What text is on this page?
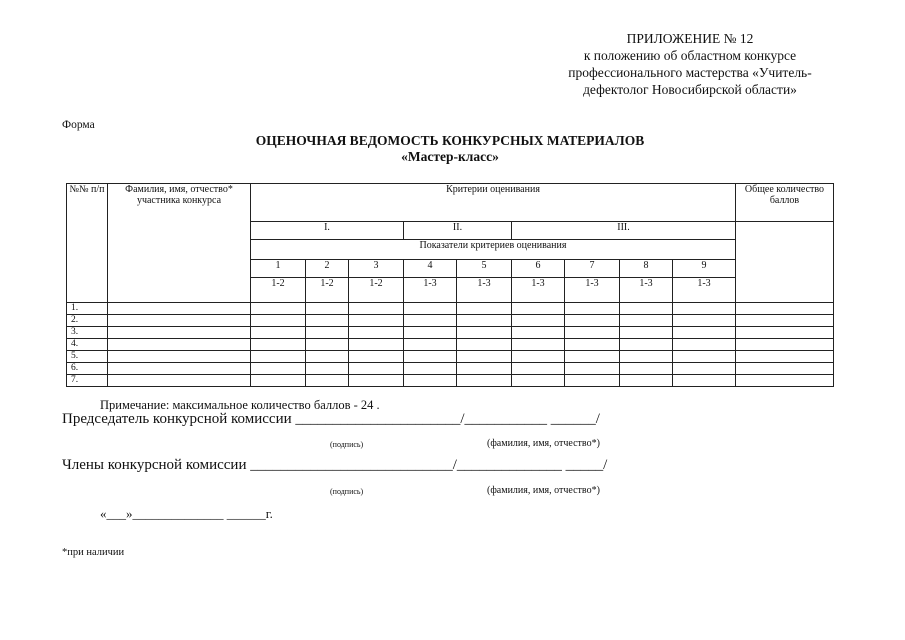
ПРИЛОЖЕНИЕ № 12
к положению об областном конкурсе
профессионального мастерства «Учитель-
дефектолог Новосибирской области»
Форма
ОЦЕНОЧНАЯ ВЕДОМОСТЬ КОНКУРСНЫХ МАТЕРИАЛОВ
«Мастер-класс»
№№ п/п	Фамилия, имя, отчество* участника конкурса	Критерии оценивания									Общее количество баллов
		I.			II.		III.				
		Показатели критериев оценивания									
		1	2	3	4	5	6	7	8	9	
		1-2	1-2	1-2	1-3	1-3	1-3	1-3	1-3	1-3	
1.											
2.											
3.											
4.											
5.											
6.											
7.											
Примечание: максимальное количество баллов - 24 .
Председатель конкурсной комиссии ______________________/___________ ______/
(подпись)	(фамилия, имя, отчество*)
Члены конкурсной комиссии ___________________________/______________ _____/
(подпись)	(фамилия, имя, отчество*)
«___»______________ ______г.
*при наличии
